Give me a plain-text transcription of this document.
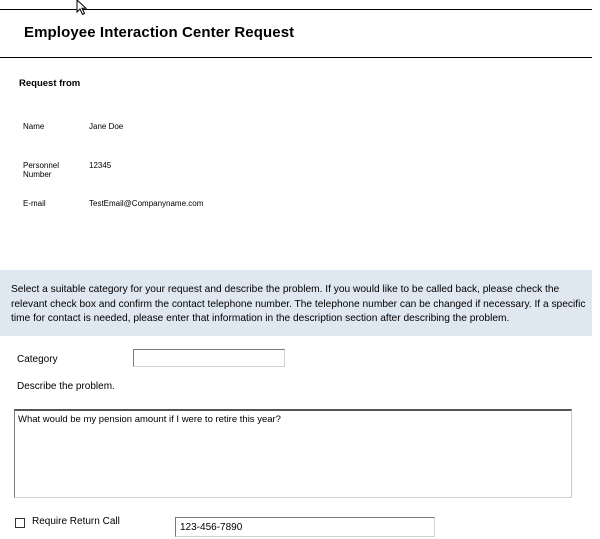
Employee Interaction Center Request
Request from
Name	Jane Doe
Personnel
Number
12345
E-mail	TestEmail@Companyname.com
Select a suitable category for your request and describe the problem. If you would like to be called back, please check the relevant check box and confirm the contact telephone number. The telephone number can be changed if necessary. If a specific time for contact is needed, please enter that information in the description section after describing the problem.
Category
Describe the problem.
What would be my pension amount if I were to retire this year?
Require Return Call
123-456-7890
